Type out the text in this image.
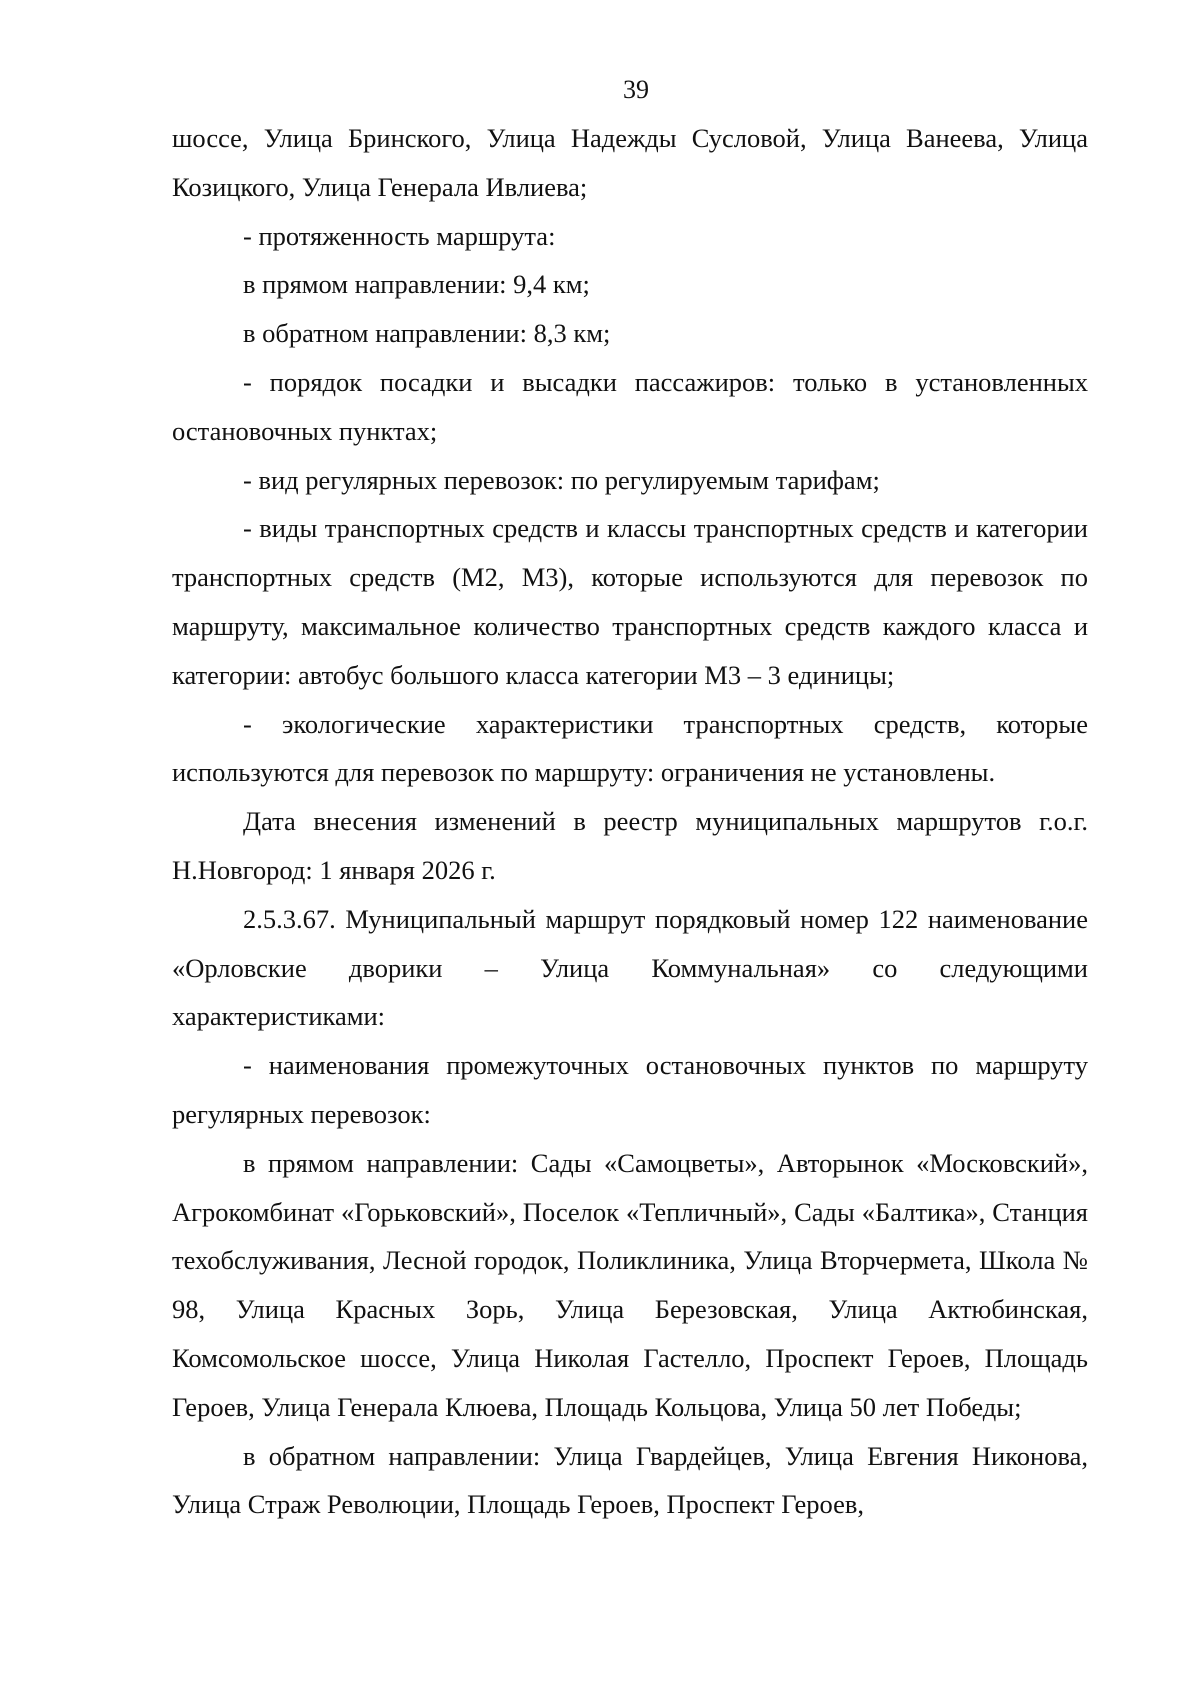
39

шоссе, Улица Бринского, Улица Надежды Сусловой, Улица Ванеева, Улица Козицкого, Улица Генерала Ивлиева;

- протяженность маршрута:

в прямом направлении: 9,4 км;

в обратном направлении: 8,3 км;

- порядок посадки и высадки пассажиров: только в установленных остановочных пунктах;

- вид регулярных перевозок: по регулируемым тарифам;

- виды транспортных средств и классы транспортных средств и категории транспортных средств (М2, М3), которые используются для перевозок по маршруту, максимальное количество транспортных средств каждого класса и категории: автобус большого класса категории М3 – 3 единицы;

- экологические характеристики транспортных средств, которые используются для перевозок по маршруту: ограничения не установлены.

Дата внесения изменений в реестр муниципальных маршрутов г.о.г. Н.Новгород: 1 января 2026 г.

2.5.3.67. Муниципальный маршрут порядковый номер 122 наименование «Орловские дворики – Улица Коммунальная» со следующими характеристиками:

- наименования промежуточных остановочных пунктов по маршруту регулярных перевозок:

в прямом направлении: Сады «Самоцветы», Авторынок «Московский», Агрокомбинат «Горьковский», Поселок «Тепличный», Сады «Балтика», Станция техобслуживания, Лесной городок, Поликлиника, Улица Вторчермета, Школа № 98, Улица Красных Зорь, Улица Березовская, Улица Актюбинская, Комсомольское шоссе, Улица Николая Гастелло, Проспект Героев, Площадь Героев, Улица Генерала Клюева, Площадь Кольцова, Улица 50 лет Победы;

в обратном направлении: Улица Гвардейцев, Улица Евгения Никонова, Улица Страж Революции, Площадь Героев, Проспект Героев,
